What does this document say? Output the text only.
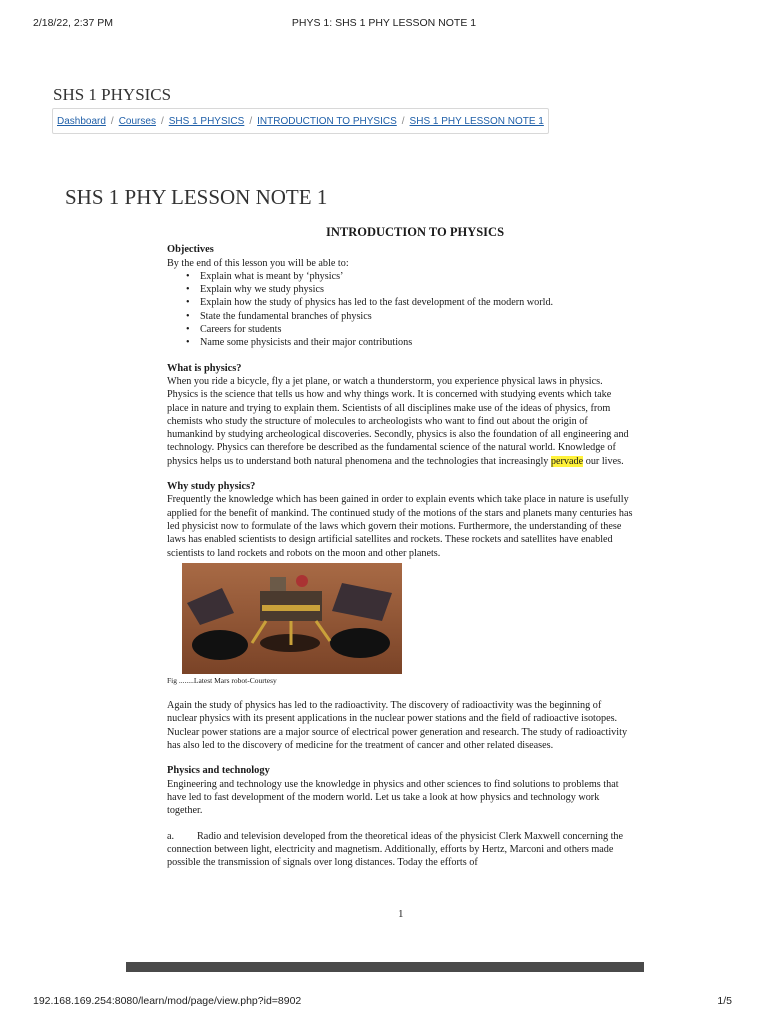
2/18/22, 2:37 PM	PHYS 1: SHS 1 PHY LESSON NOTE 1
SHS 1 PHYSICS
Dashboard / Courses / SHS 1 PHYSICS / INTRODUCTION TO PHYSICS / SHS 1 PHY LESSON NOTE 1
SHS 1 PHY LESSON NOTE 1
INTRODUCTION TO PHYSICS
Objectives

By the end of this lesson you will be able to:

• Explain what is meant by ‘physics’
• Explain why we study physics
• Explain how the study of physics has led to the fast development of the modern world.
• State the fundamental branches of physics
• Careers for students
• Name some physicists and their major contributions
What is physics?

When you ride a bicycle, fly a jet plane, or watch a thunderstorm, you experience physical laws in physics. Physics is the science that tells us how and why things work. It is concerned with studying events which take place in nature and trying to explain them. Scientists of all disciplines make use of the ideas of physics, from chemists who study the structure of molecules to archeologists who want to find out about the origin of humankind by studying archeological discoveries. Secondly, physics is also the foundation of all engineering and technology. Physics can therefore be described as the fundamental science of the natural world. Knowledge of physics helps us to understand both natural phenomena and the technologies that increasingly pervade our lives.

Why study physics?

Frequently the knowledge which has been gained in order to explain events which take place in nature is usefully applied for the benefit of mankind. The continued study of the motions of the stars and planets many centuries has led physicist now to formulate of the laws which govern their motions. Furthermore, the understanding of these laws has enabled scientists to design artificial satellites and rockets. These rockets and satellites have enabled scientists to land rockets and robots on the moon and other planets.

Fig ........Latest Mars robot-Courtesy

Again the study of physics has led to the radioactivity. The discovery of radioactivity was the beginning of nuclear physics with its present applications in the nuclear power stations and the field of radioactive isotopes. Nuclear power stations are a major source of electrical power generation and research. The study of radioactivity has also led to the discovery of medicine for the treatment of cancer and other related diseases.

Physics and technology

Engineering and technology use the knowledge in physics and other sciences to find solutions to problems that have led to fast development of the modern world. Let us take a look at how physics and technology work together.

a. Radio and television developed from the theoretical ideas of the physicist Clerk Maxwell concerning the connection between light, electricity and magnetism. Additionally, efforts by Hertz, Marconi and others made possible the transmission of signals over long distances. Today the efforts of

1
192.168.169.254:8080/learn/mod/page/view.php?id=8902	1/5
